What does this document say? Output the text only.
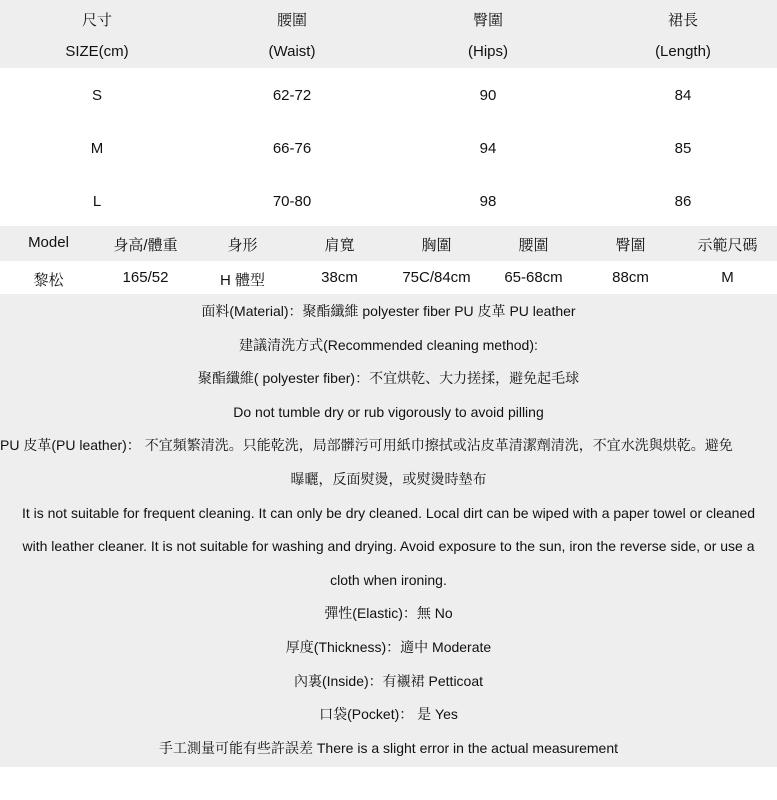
尺寸	腰圍	臀圍	裙長
SIZE(cm)	(Waist)	(Hips)	(Length)
S	62-72	90	84
M	66-76	94	85
L	70-80	98	86
Model	身高/體重	身形	肩寬	胸圍	腰圍	臀圍	示範尺碼
黎松	165/52	H 體型	38cm	75C/84cm	65-68cm	88cm	M
面料(Material)：聚酯纖維 polyester fiber PU 皮革 PU leather
建議清洗方式(Recommended cleaning method):
聚酯纖維( polyester fiber)：不宜烘乾、大力搓揉，避免起毛球
Do not tumble dry or rub vigorously to avoid pilling
PU 皮革(PU leather)： 不宜頻繁清洗。只能乾洗，局部髒污可用紙巾擦拭或沾皮革清潔劑清洗，不宜水洗與烘乾。避免
曝曬，反面熨燙，或熨燙時墊布
It is not suitable for frequent cleaning. It can only be dry cleaned. Local dirt can be wiped with a paper towel or cleaned
with leather cleaner. It is not suitable for washing and drying. Avoid exposure to the sun, iron the reverse side, or use a
cloth when ironing.
彈性(Elastic)：無 No
厚度(Thickness)：適中 Moderate
內裏(Inside)：有襯裙 Petticoat
口袋(Pocket)： 是 Yes
手工測量可能有些許誤差 There is a slight error in the actual measurement
